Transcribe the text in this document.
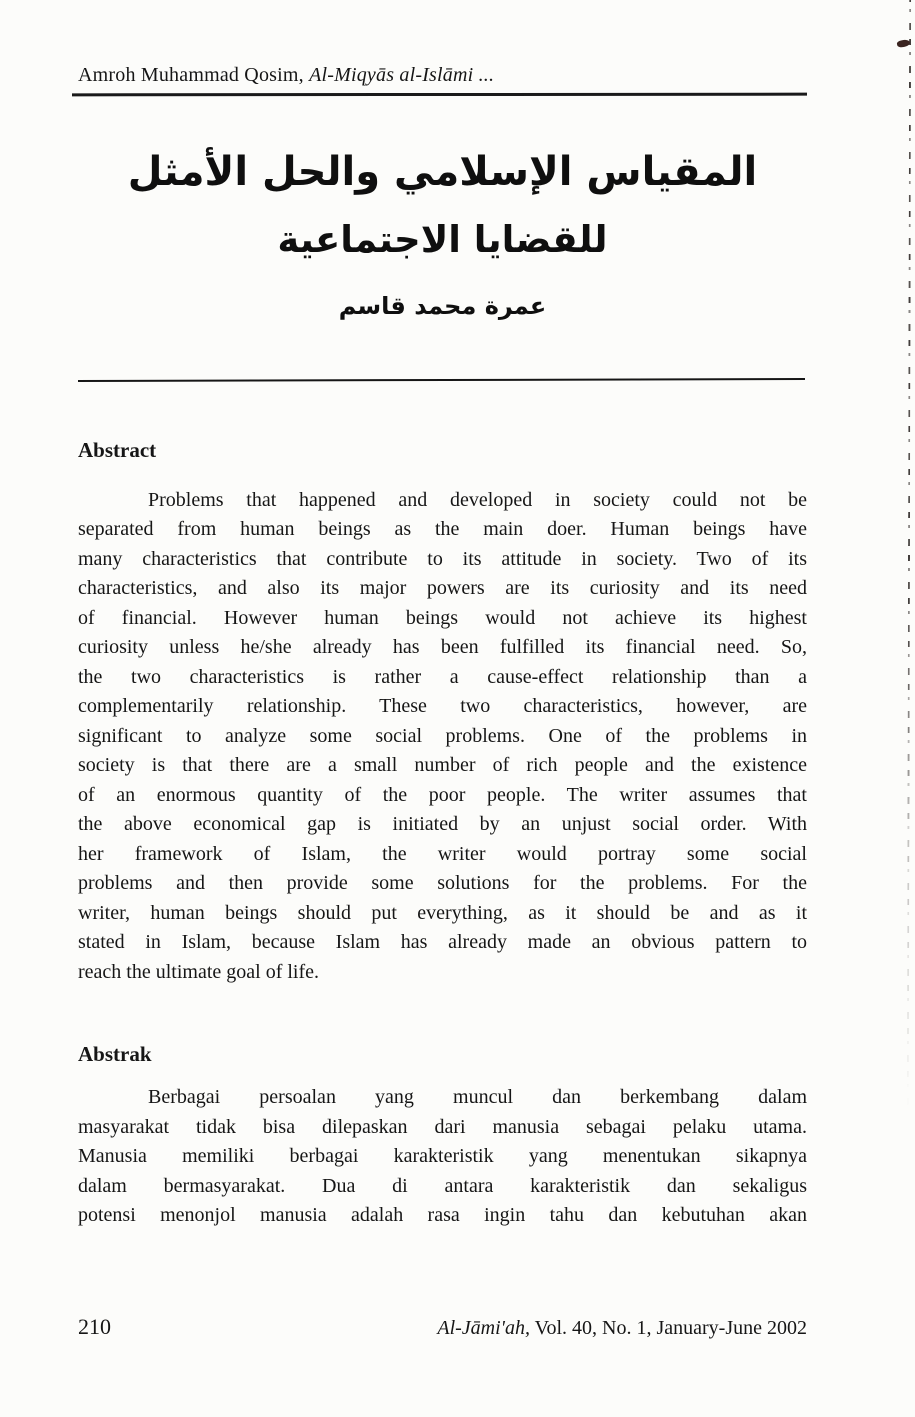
Amroh Muhammad Qosim, Al-Miqyās al-Islāmi ...
المقياس الإسلامي والحل الأمثل
للقضايا الاجتماعية
عمرة محمد قاسم
Abstract
Problems that happened and developed in society could not be
separated from human beings as the main doer. Human beings have
many characteristics that contribute to its attitude in society. Two of its
characteristics, and also its major powers are its curiosity and its need
of financial. However human beings would not achieve its highest
curiosity unless he/she already has been fulfilled its financial need. So,
the two characteristics is rather a cause-effect relationship than a
complementarily relationship. These two characteristics, however, are
significant to analyze some social problems. One of the problems in
society is that there are a small number of rich people and the existence
of an enormous quantity of the poor people. The writer assumes that
the above economical gap is initiated by an unjust social order. With
her framework of Islam, the writer would portray some social
problems and then provide some solutions for the problems. For the
writer, human beings should put everything, as it should be and as it
stated in Islam, because Islam has already made an obvious pattern to
reach the ultimate goal of life.
Abstrak
Berbagai persoalan yang muncul dan berkembang dalam
masyarakat tidak bisa dilepaskan dari manusia sebagai pelaku utama.
Manusia memiliki berbagai karakteristik yang menentukan sikapnya
dalam bermasyarakat. Dua di antara karakteristik dan sekaligus
potensi menonjol manusia adalah rasa ingin tahu dan kebutuhan akan
210	Al-Jāmi'ah, Vol. 40, No. 1, January-June 2002
